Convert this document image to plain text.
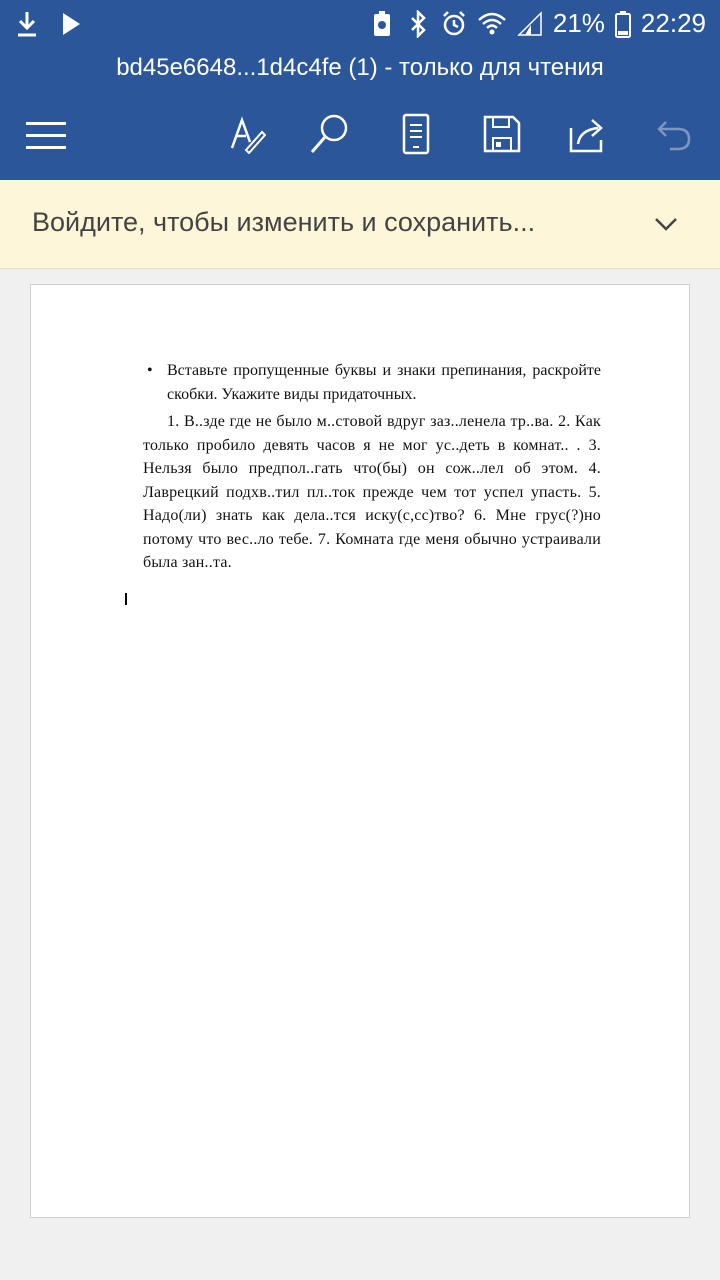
21% 22:29
bd45e6648...1d4c4fe (1) - только для чтения
Войдите, чтобы изменить и сохранить...

• Вставьте пропущенные буквы и знаки препинания, раскройте скобки. Укажите виды придаточных.

1. В..зде где не было м..стовой вдруг заз..ленела тр..ва. 2. Как только пробило девять часов я не мог ус..деть в комнат.. . 3. Нельзя было предпол..гать что(бы) он сож..лел об этом. 4. Лаврецкий подхв..тил пл..ток прежде чем тот успел упасть. 5. Надо(ли) знать как дела..тся иску(с,сс)тво? 6. Мне грус(?)но потому что вес..ло тебе. 7. Комната где меня обычно устраивали была зан..та.
